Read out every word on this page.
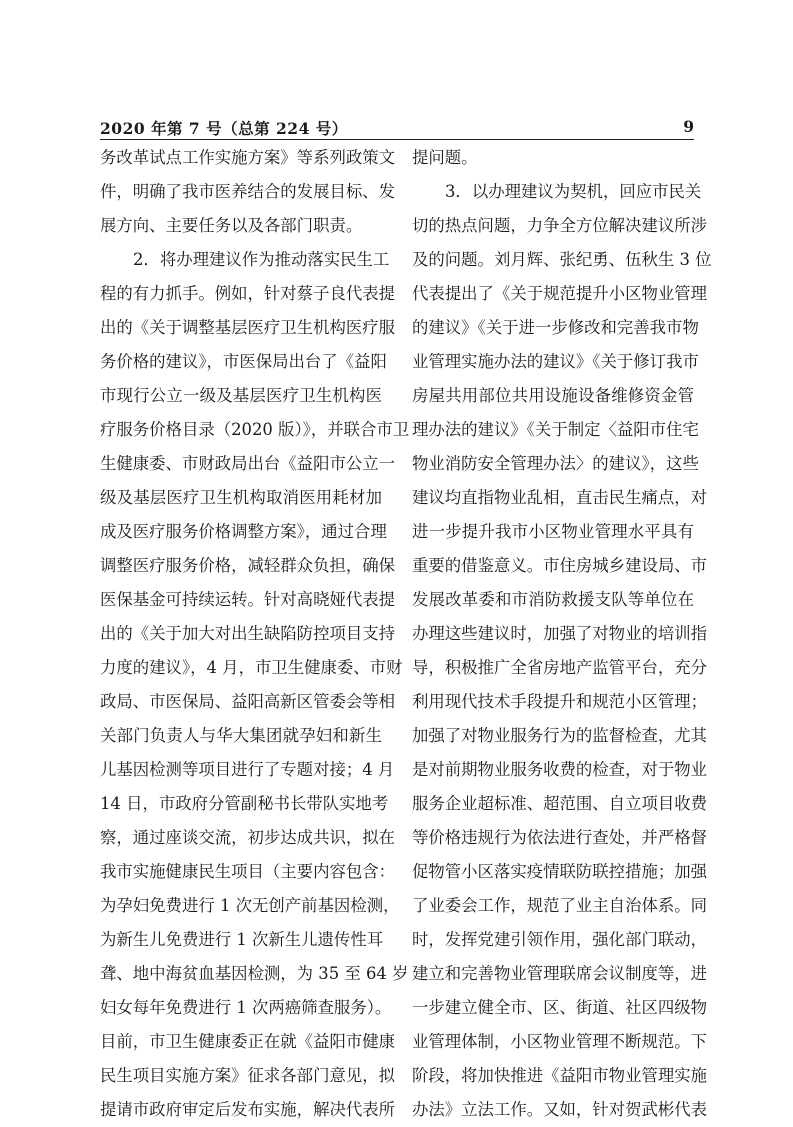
2020 年第 7 号（总第 224 号）	9
务改革试点工作实施方案》等系列政策文
件，明确了我市医养结合的发展目标、发
展方向、主要任务以及各部门职责。
2．将办理建议作为推动落实民生工
程的有力抓手。例如，针对蔡子良代表提
出的《关于调整基层医疗卫生机构医疗服
务价格的建议》，市医保局出台了《益阳
市现行公立一级及基层医疗卫生机构医
疗服务价格目录（2020 版）》，并联合市卫
生健康委、市财政局出台《益阳市公立一
级及基层医疗卫生机构取消医用耗材加
成及医疗服务价格调整方案》，通过合理
调整医疗服务价格，减轻群众负担，确保
医保基金可持续运转。针对高晓娅代表提
出的《关于加大对出生缺陷防控项目支持
力度的建议》，4 月，市卫生健康委、市财
政局、市医保局、益阳高新区管委会等相
关部门负责人与华大集团就孕妇和新生
儿基因检测等项目进行了专题对接；4 月
14 日，市政府分管副秘书长带队实地考
察，通过座谈交流，初步达成共识，拟在
我市实施健康民生项目（主要内容包含：
为孕妇免费进行 1 次无创产前基因检测，
为新生儿免费进行 1 次新生儿遗传性耳
聋、地中海贫血基因检测，为 35 至 64 岁
妇女每年免费进行 1 次两癌筛查服务）。
目前，市卫生健康委正在就《益阳市健康
民生项目实施方案》征求各部门意见，拟
提请市政府审定后发布实施，解决代表所
提问题。
3．以办理建议为契机，回应市民关
切的热点问题，力争全方位解决建议所涉
及的问题。刘月辉、张纪勇、伍秋生 3 位
代表提出了《关于规范提升小区物业管理
的建议》《关于进一步修改和完善我市物
业管理实施办法的建议》《关于修订我市
房屋共用部位共用设施设备维修资金管
理办法的建议》《关于制定〈益阳市住宅
物业消防安全管理办法〉的建议》，这些
建议均直指物业乱相，直击民生痛点，对
进一步提升我市小区物业管理水平具有
重要的借鉴意义。市住房城乡建设局、市
发展改革委和市消防救援支队等单位在
办理这些建议时，加强了对物业的培训指
导，积极推广全省房地产监管平台，充分
利用现代技术手段提升和规范小区管理；
加强了对物业服务行为的监督检查，尤其
是对前期物业服务收费的检查，对于物业
服务企业超标准、超范围、自立项目收费
等价格违规行为依法进行查处，并严格督
促物管小区落实疫情联防联控措施；加强
了业委会工作，规范了业主自治体系。同
时，发挥党建引领作用，强化部门联动，
建立和完善物业管理联席会议制度等，进
一步建立健全市、区、街道、社区四级物
业管理体制，小区物业管理不断规范。下
阶段，将加快推进《益阳市物业管理实施
办法》立法工作。又如，针对贺武彬代表
